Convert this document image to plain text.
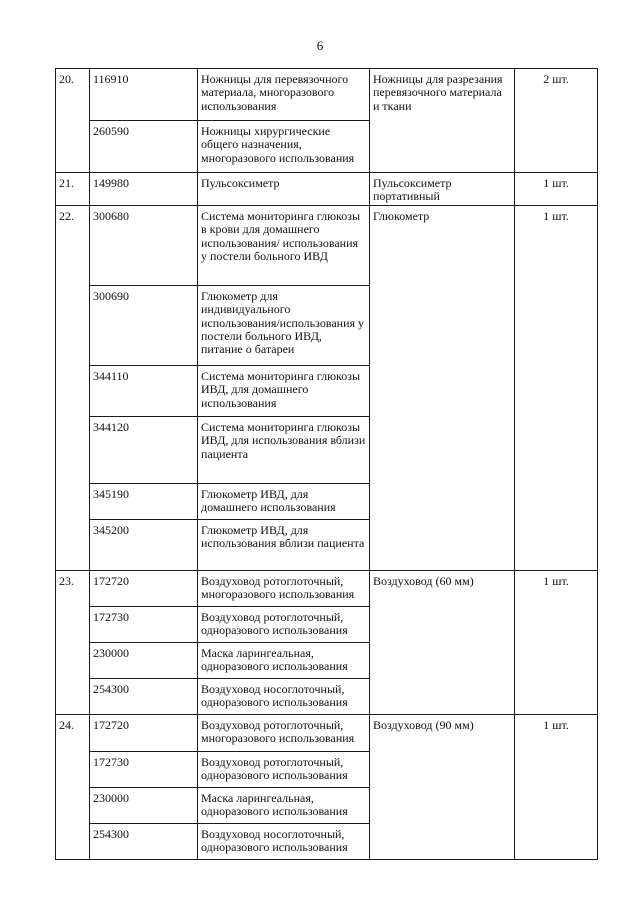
6
20.	116910	Ножницы для перевязочного материала, многоразового использования	Ножницы для разрезания перевязочного материала и ткани	2 шт.
	260590	Ножницы хирургические общего назначения, многоразового использования		
21.	149980	Пульсоксиметр	Пульсоксиметр портативный	1 шт.
22.	300680	Система мониторинга глюкозы в крови для домашнего использования/ использования у постели больного ИВД	Глюкометр	1 шт.
	300690	Глюкометр для индивидуального использования/использования у постели больного ИВД, питание о батареи		
	344110	Система мониторинга глюкозы ИВД, для домашнего использования		
	344120	Система мониторинга глюкозы ИВД, для использования вблизи пациента		
	345190	Глюкометр ИВД, для домашнего использования		
	345200	Глюкометр ИВД, для использования вблизи пациента		
23.	172720	Воздуховод ротоглоточный, многоразового использования	Воздуховод (60 мм)	1 шт.
	172730	Воздуховод ротоглоточный, одноразового использования		
	230000	Маска ларингеальная, одноразового использования		
	254300	Воздуховод носоглоточный, одноразового использования		
24.	172720	Воздуховод ротоглоточный, многоразового использования	Воздуховод (90 мм)	1 шт.
	172730	Воздуховод ротоглоточный, одноразового использования		
	230000	Маска ларингеальная, одноразового использования		
	254300	Воздуховод носоглоточный, одноразового использования		
